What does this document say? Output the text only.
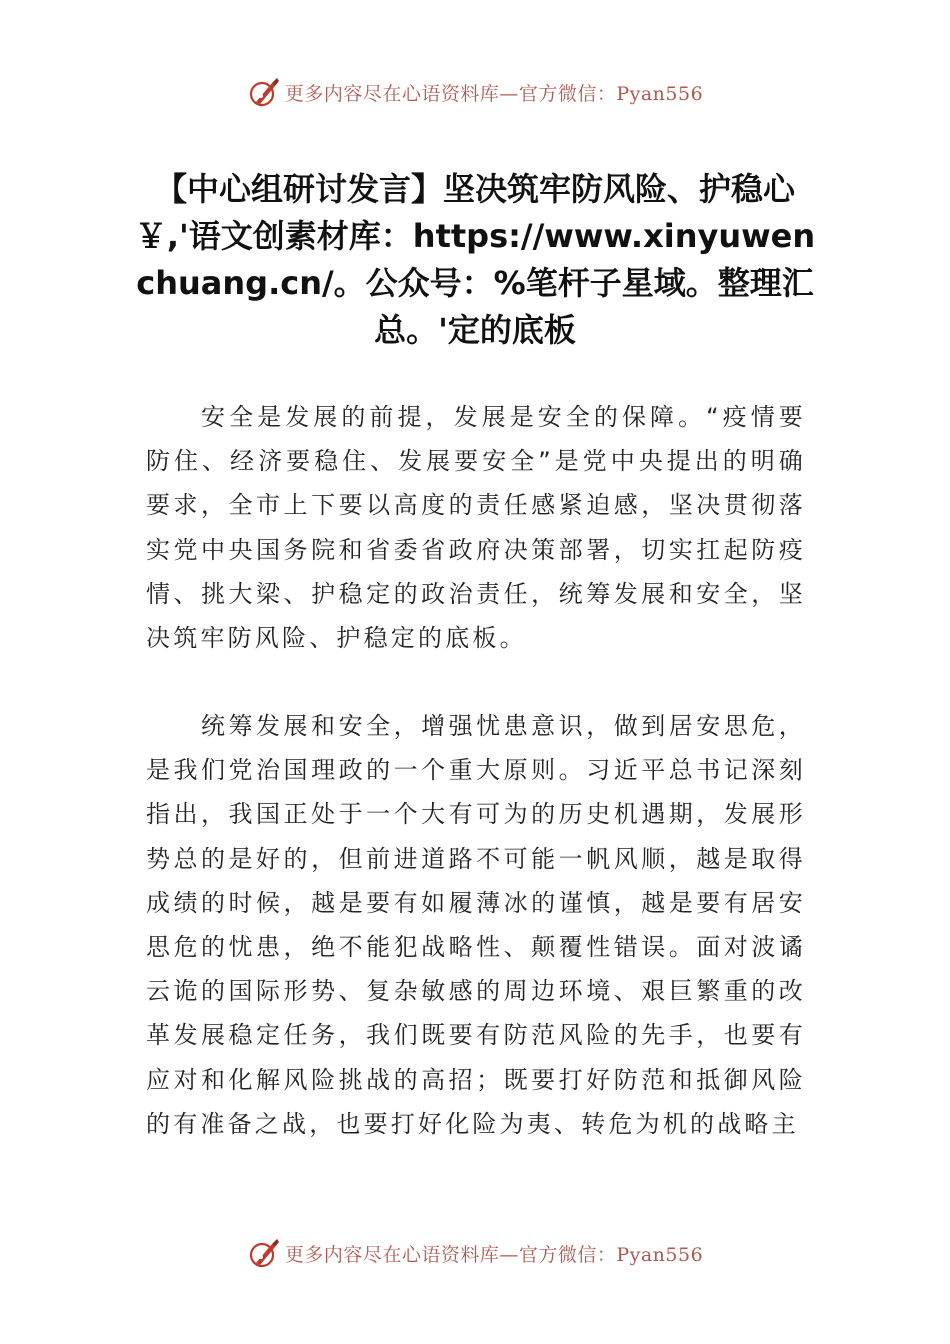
更多内容尽在心语资料库—官方微信：Pyan556
【中心组研讨发言】坚决筑牢防风险、护稳心￥,'语文创素材库：https://www.xinyuwenchuang.cn/。公众号：%笔杆子星域。整理汇总。'定的底板

安全是发展的前提，发展是安全的保障。“疫情要防住、经济要稳住、发展要安全”是党中央提出的明确要求，全市上下要以高度的责任感紧迫感，坚决贯彻落实党中央国务院和省委省政府决策部署，切实扛起防疫情、挑大梁、护稳定的政治责任，统筹发展和安全，坚决筑牢防风险、护稳定的底板。

统筹发展和安全，增强忧患意识，做到居安思危，是我们党治国理政的一个重大原则。习近平总书记深刻指出，我国正处于一个大有可为的历史机遇期，发展形势总的是好的，但前进道路不可能一帆风顺，越是取得成绩的时候，越是要有如履薄冰的谨慎，越是要有居安思危的忧患，绝不能犯战略性、颠覆性错误。面对波谲云诡的国际形势、复杂敏感的周边环境、艰巨繁重的改革发展稳定任务，我们既要有防范风险的先手，也要有应对和化解风险挑战的高招；既要打好防范和抵御风险的有准备之战，也要打好化险为夷、转危为机的战略主

更多内容尽在心语资料库—官方微信：Pyan556
